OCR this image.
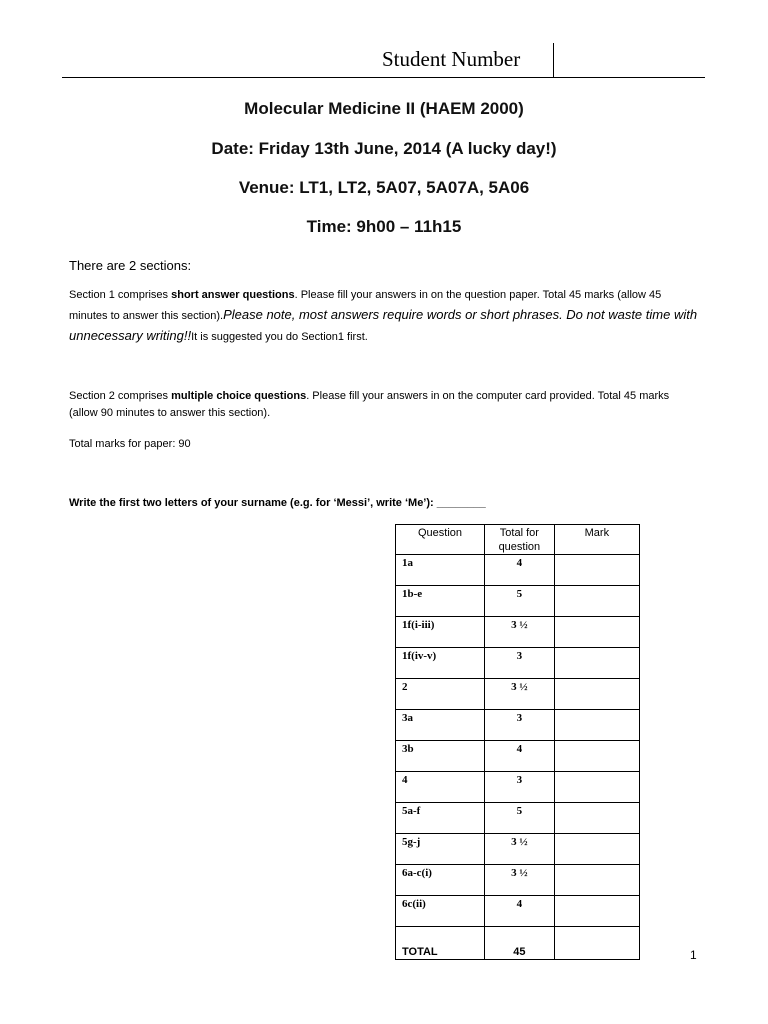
Student Number
Molecular Medicine II (HAEM 2000)
Date: Friday 13th June, 2014 (A lucky day!)
Venue: LT1, LT2, 5A07, 5A07A, 5A06
Time: 9h00 – 11h15
There are 2 sections:
Section 1 comprises short answer questions. Please fill your answers in on the question paper. Total 45 marks (allow 45 minutes to answer this section).Please note, most answers require words or short phrases. Do not waste time with unnecessary writing!!It is suggested you do Section1 first.
Section 2 comprises multiple choice questions. Please fill your answers in on the computer card provided. Total 45 marks (allow 90 minutes to answer this section).
Total marks for paper: 90
Write the first two letters of your surname (e.g. for ‘Messi’, write ‘Me’): ________
Question	Total for question	Mark
1a	4	
1b-e	5	
1f(i-iii)	3 ½	
1f(iv-v)	3	
2	3 ½	
3a	3	
3b	4	
4	3	
5a-f	5	
5g-j	3 ½	
6a-c(i)	3 ½	
6c(ii)	4	
TOTAL	45		1
